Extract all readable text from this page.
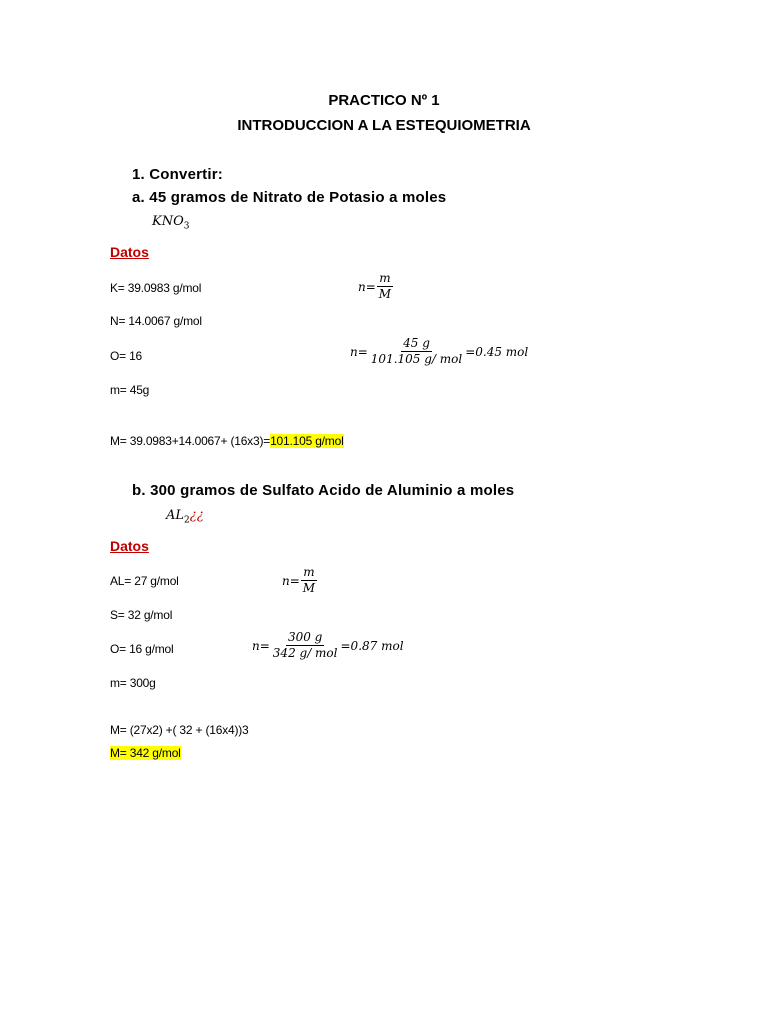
PRACTICO Nº 1
INTRODUCCION A LA ESTEQUIOMETRIA
1. Convertir:
a. 45 gramos de Nitrato de Potasio a moles
$KNO_3$
Datos
K= 39.0983 g/mol
N= 14.0067 g/mol
O= 16
m= 45g
M= 39.0983+14.0067+ (16x3)=101.105 g/mol
$n= \frac{m}{M}$
$n= \frac{45 g}{\text{101.105 g/ mol}} =0.45$ mol
b. 300 gramos de Sulfato Acido de Aluminio a moles
$AL_2¿¿$
Datos
AL= 27 g/mol
S= 32 g/mol
O= 16 g/mol
m= 300g
M= (27x2) +( 32 + (16x4))3
M= 342 g/mol
$n= \frac{m}{M}$
$n= \frac{300 g}{\text{342 g/ mol}} =0.87$ mol
